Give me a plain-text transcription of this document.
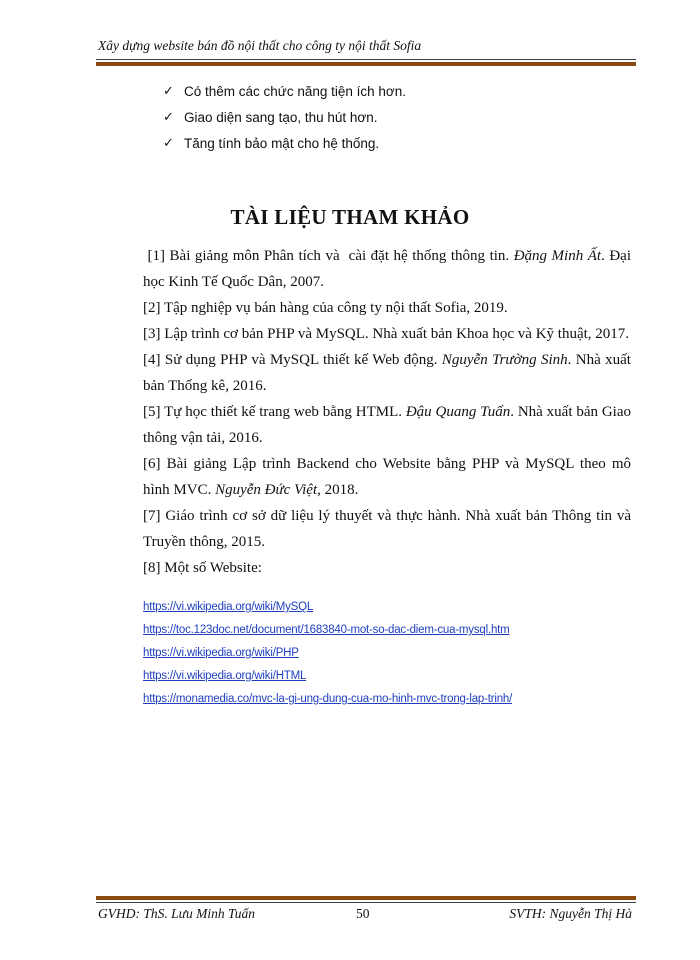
Xây dựng website bán đồ nội thất cho công ty nội thất Sofia
✓ Có thêm các chức năng tiện ích hơn.
✓ Giao diện sang tạo, thu hút hơn.
✓ Tăng tính bảo mật cho hệ thống.
TÀI LIỆU THAM KHẢO

[1] Bài giảng môn Phân tích và  cài đặt hệ thống thông tin. Đặng Minh Ất. Đại học Kinh Tế Quốc Dân, 2007.

[2] Tập nghiệp vụ bán hàng của công ty nội thất Sofia, 2019.

[3] Lập trình cơ bản PHP và MySQL. Nhà xuất bản Khoa học và Kỹ thuật, 2017.

[4] Sử dụng PHP và MySQL thiết kế Web động. Nguyễn Trường Sinh. Nhà xuất bản Thống kê, 2016.

[5] Tự học thiết kế trang web bằng HTML. Đậu Quang Tuấn. Nhà xuất bản Giao thông vận tải, 2016.

[6] Bài giảng Lập trình Backend cho Website bằng PHP và MySQL theo mô hình MVC. Nguyễn Đức Việt, 2018.

[7] Giáo trình cơ sở dữ liệu lý thuyết và thực hành. Nhà xuất bản Thông tin và Truyền thông, 2015.

[8] Một số Website:

https://vi.wikipedia.org/wiki/MySQL
https://toc.123doc.net/document/1683840-mot-so-dac-diem-cua-mysql.htm
https://vi.wikipedia.org/wiki/PHP
https://vi.wikipedia.org/wiki/HTML
https://monamedia.co/mvc-la-gi-ung-dung-cua-mo-hinh-mvc-trong-lap-trinh/
GVHD: ThS. Lưu Minh Tuấn	50	SVTH: Nguyễn Thị Hà
